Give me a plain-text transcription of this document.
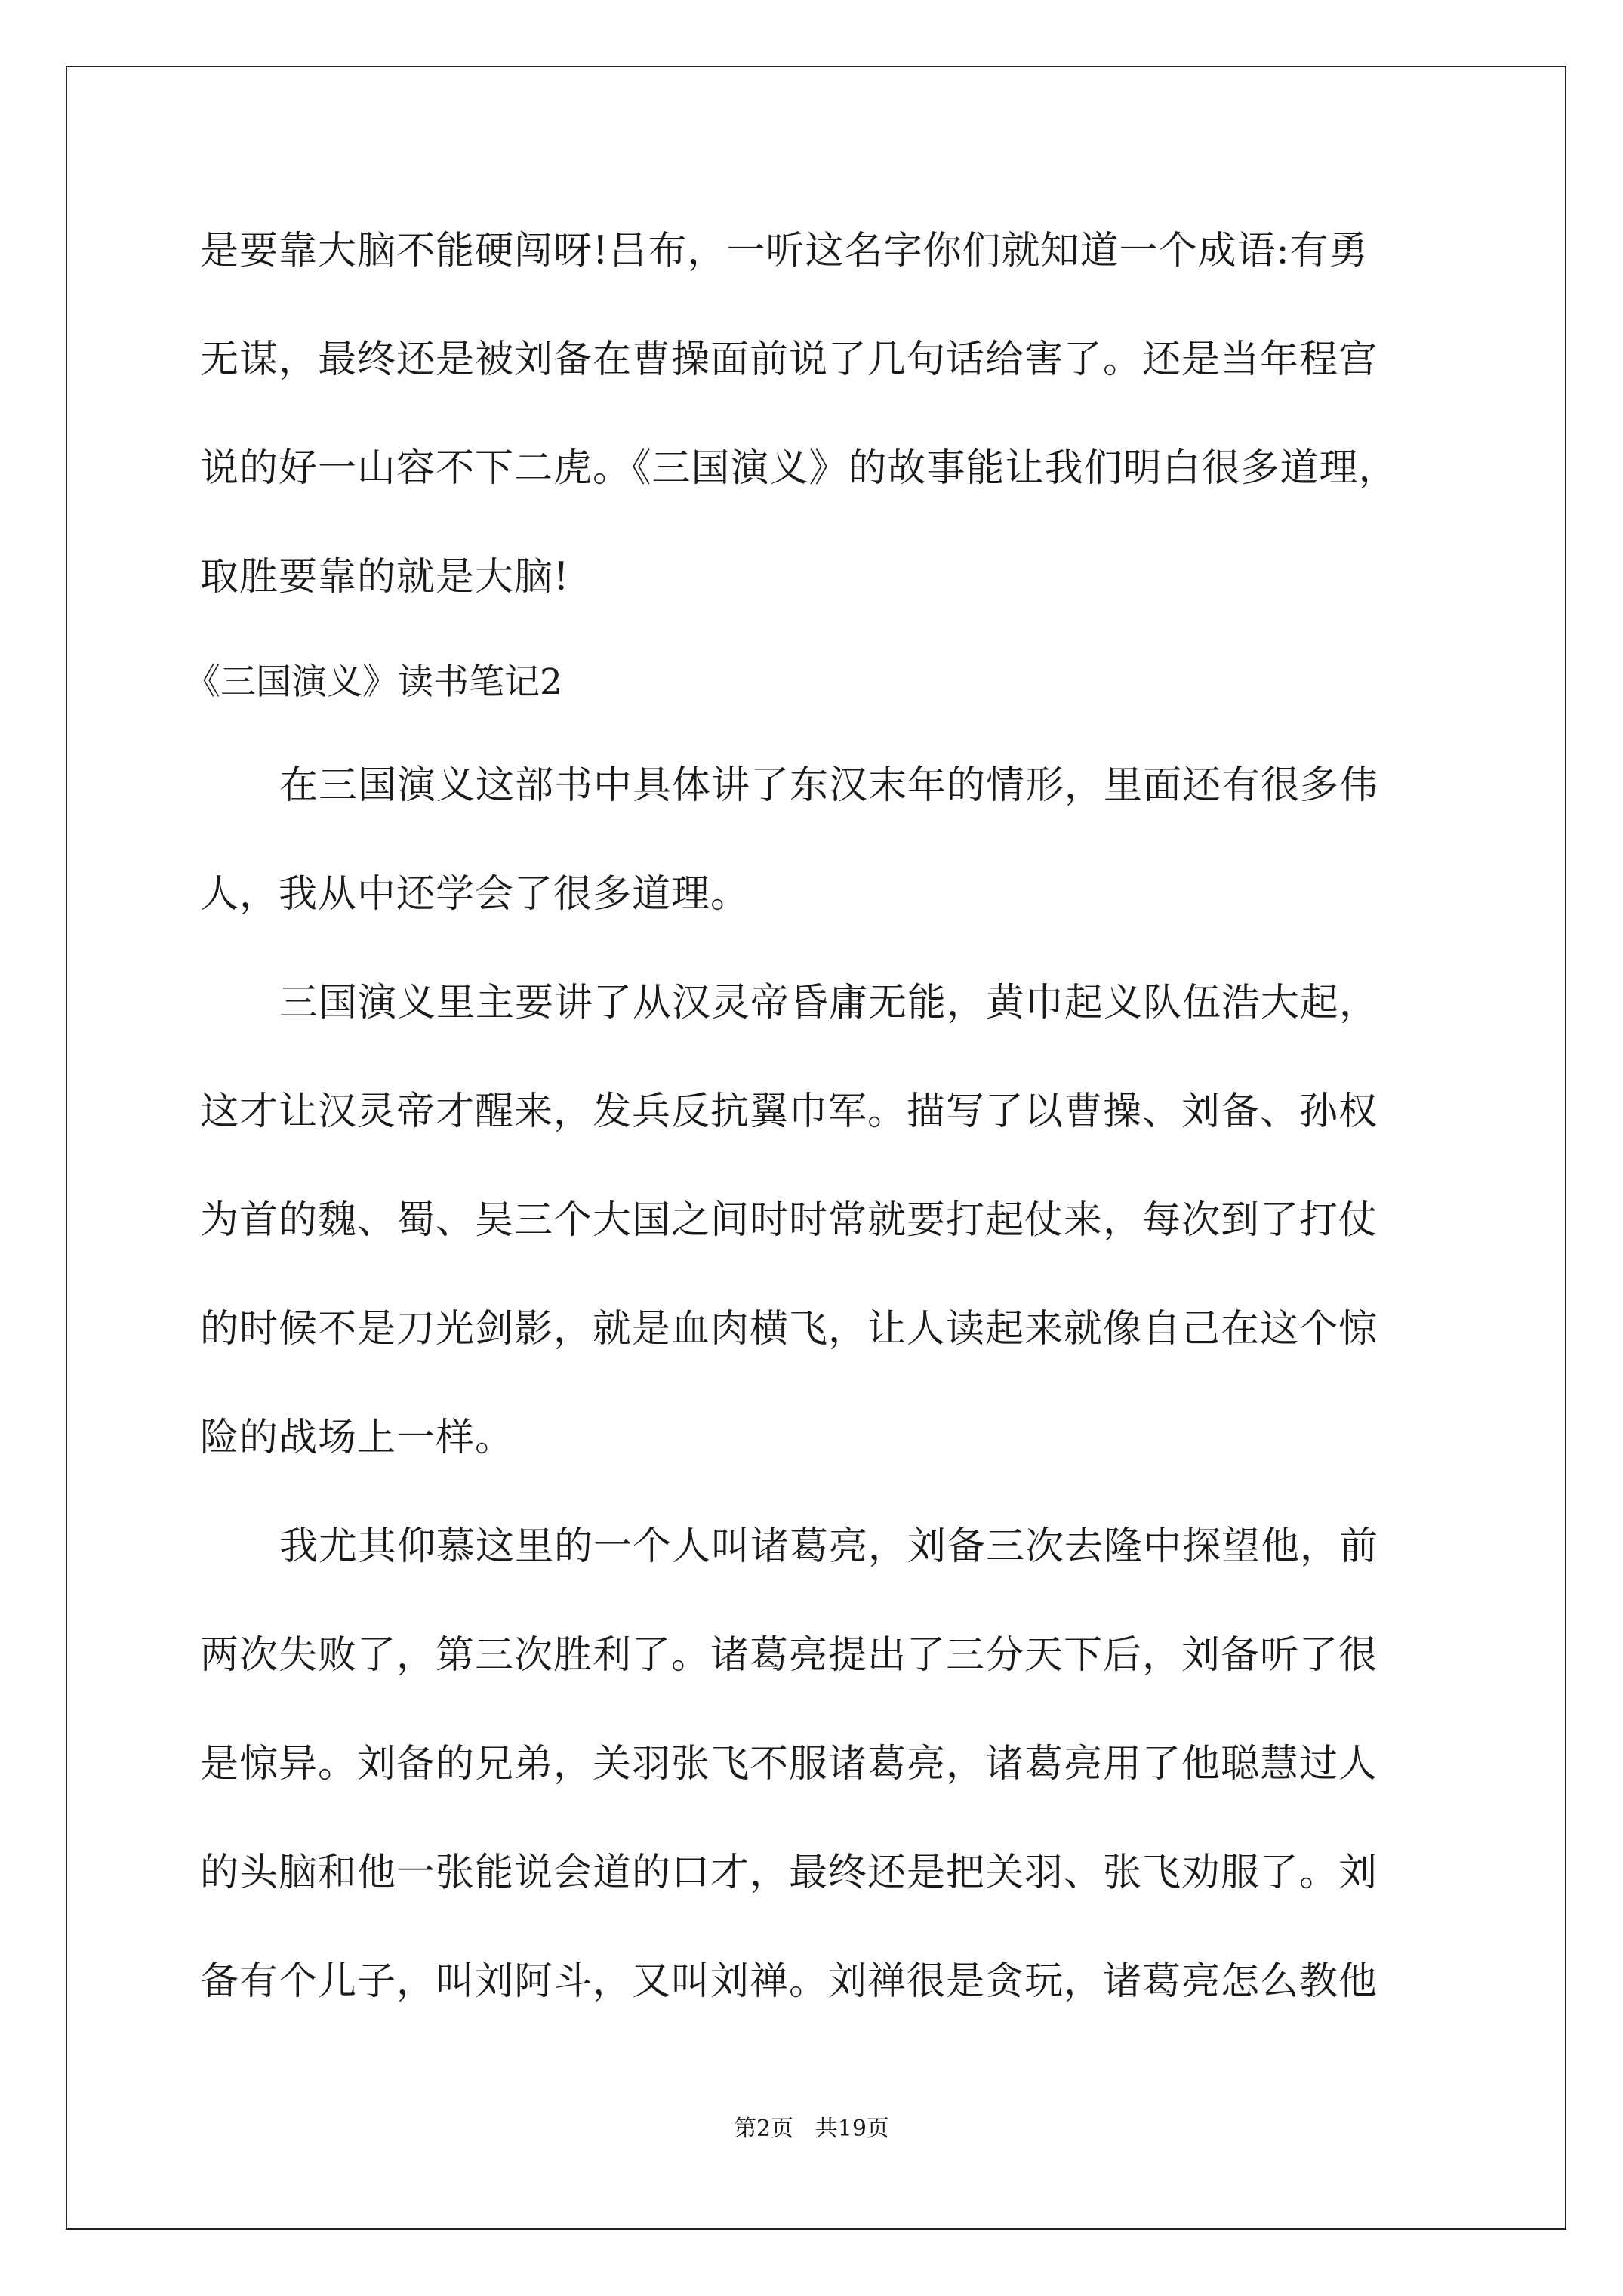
是要靠大脑不能硬闯呀!吕布，一听这名字你们就知道一个成语:有勇
无谋，最终还是被刘备在曹操面前说了几句话给害了。还是当年程宫
说的好一山容不下二虎。《三国演义》的故事能让我们明白很多道理，
取胜要靠的就是大脑!
《三国演义》读书笔记2
在三国演义这部书中具体讲了东汉末年的情形，里面还有很多伟
人，我从中还学会了很多道理。
三国演义里主要讲了从汉灵帝昏庸无能，黄巾起义队伍浩大起，
这才让汉灵帝才醒来，发兵反抗翼巾军。描写了以曹操、刘备、孙权
为首的魏、蜀、吴三个大国之间时时常就要打起仗来，每次到了打仗
的时候不是刀光剑影，就是血肉横飞，让人读起来就像自己在这个惊
险的战场上一样。
我尤其仰慕这里的一个人叫诸葛亮，刘备三次去隆中探望他，前
两次失败了，第三次胜利了。诸葛亮提出了三分天下后，刘备听了很
是惊异。刘备的兄弟，关羽张飞不服诸葛亮，诸葛亮用了他聪慧过人
的头脑和他一张能说会道的口才，最终还是把关羽、张飞劝服了。刘
备有个儿子，叫刘阿斗，又叫刘禅。刘禅很是贪玩，诸葛亮怎么教他
第2页   共19页
